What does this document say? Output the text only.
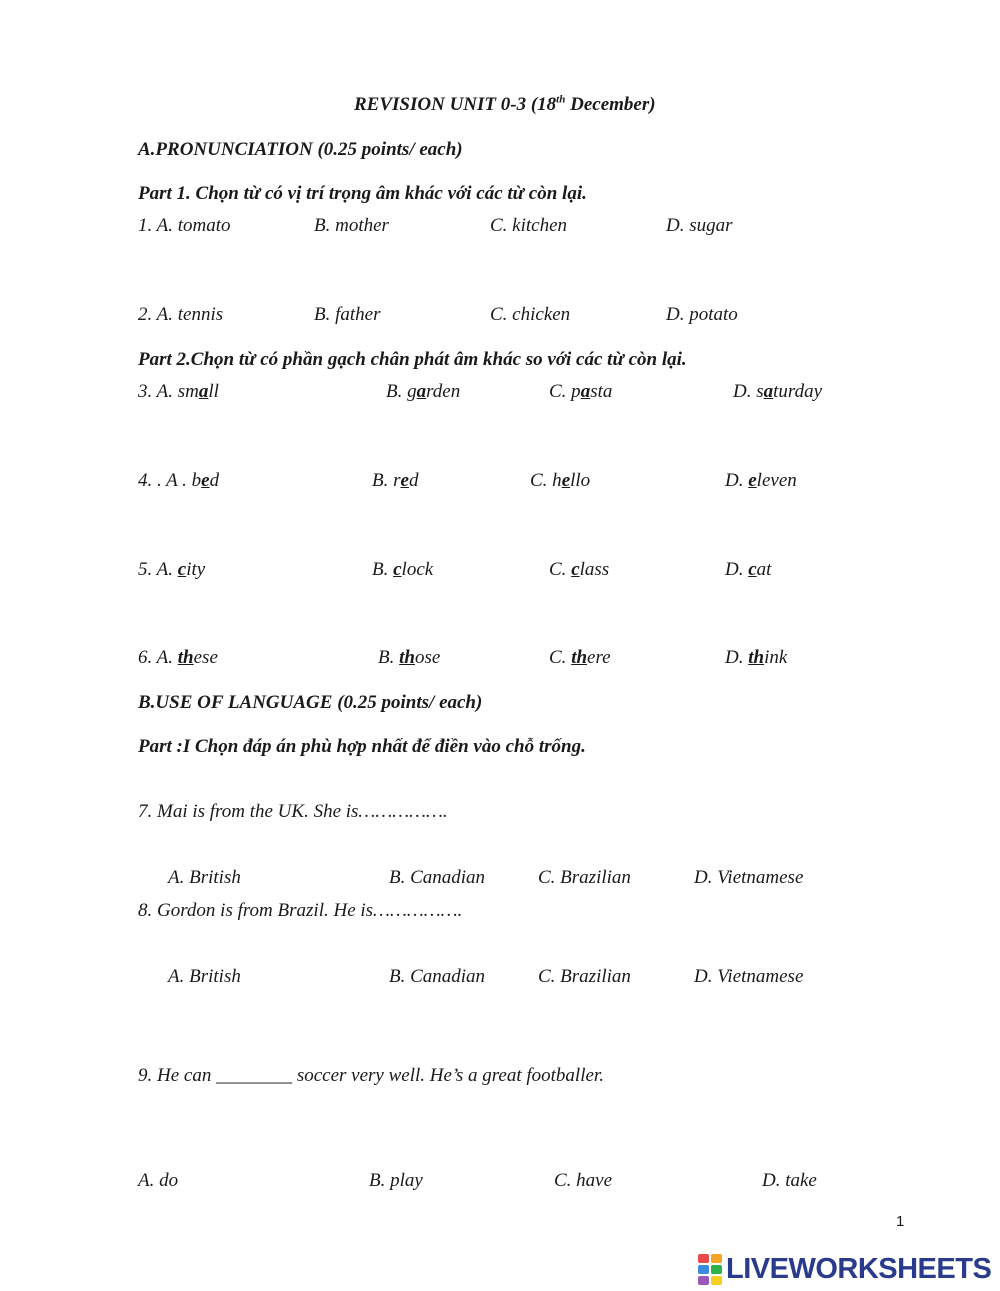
REVISION UNIT 0-3 (18th December)
A.PRONUNCIATION (0.25 points/ each)
Part 1. Chọn từ có vị trí trọng âm khác với các từ còn lại.
1. A. tomato	B. mother	C. kitchen	D. sugar
2. A. tennis	B. father	C. chicken	D. potato
Part 2.Chọn từ có phần gạch chân phát âm khác so với các từ còn lại.
3. A. small	B. garden	C. pasta	D. saturday
4. . A . bed	B. red	C. hello	D. eleven
5. A. city	B. clock	C. class	D. cat
6. A. these	B. those	C. there	D. think
B.USE OF LANGUAGE (0.25 points/ each)
Part :I Chọn đáp án phù hợp nhất để điền vào chỗ trống.
7. Mai is from the UK. She is…………….
A. British	B. Canadian	C. Brazilian	D. Vietnamese
8. Gordon is from Brazil. He is…………….
A. British	B. Canadian	C. Brazilian	D. Vietnamese
9. He can ________ soccer very well. He’s a great footballer.
A. do	B. play	C. have	D. take
1
LIVEWORKSHEETS
